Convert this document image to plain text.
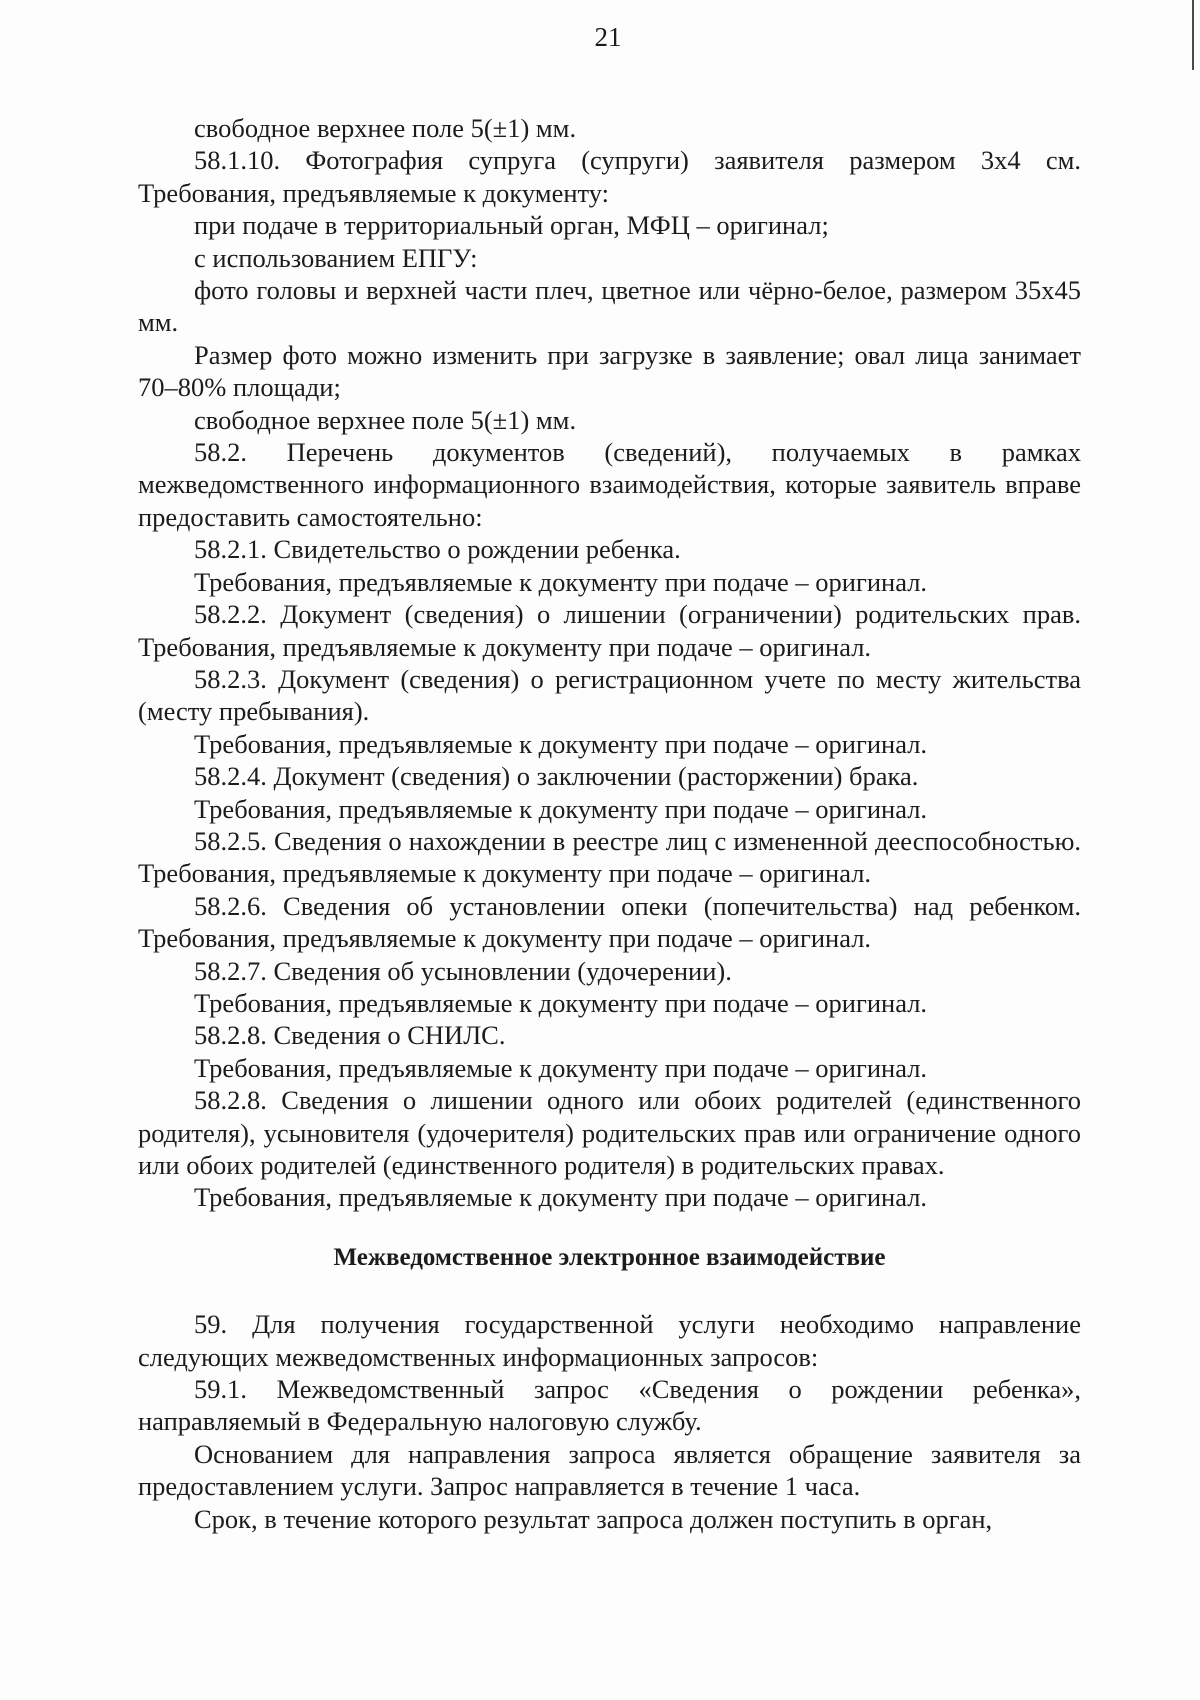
21

свободное верхнее поле 5(±1) мм.

58.1.10. Фотография супруга (супруги) заявителя размером 3х4 см. Требования, предъявляемые к документу:

при подаче в территориальный орган, МФЦ – оригинал;

с использованием ЕПГУ:

фото головы и верхней части плеч, цветное или чёрно-белое, размером 35х45 мм.

Размер фото можно изменить при загрузке в заявление; овал лица занимает 70–80% площади;

свободное верхнее поле 5(±1) мм.

58.2. Перечень документов (сведений), получаемых в рамках межведомственного информационного взаимодействия, которые заявитель вправе предоставить самостоятельно:

58.2.1. Свидетельство о рождении ребенка.

Требования, предъявляемые к документу при подаче – оригинал.

58.2.2. Документ (сведения) о лишении (ограничении) родительских прав. Требования, предъявляемые к документу при подаче – оригинал.

58.2.3. Документ (сведения) о регистрационном учете по месту жительства (месту пребывания).

Требования, предъявляемые к документу при подаче – оригинал.

58.2.4. Документ (сведения) о заключении (расторжении) брака.

Требования, предъявляемые к документу при подаче – оригинал.

58.2.5. Сведения о нахождении в реестре лиц с измененной дееспособностью. Требования, предъявляемые к документу при подаче – оригинал.

58.2.6. Сведения об установлении опеки (попечительства) над ребенком. Требования, предъявляемые к документу при подаче – оригинал.

58.2.7. Сведения об усыновлении (удочерении).

Требования, предъявляемые к документу при подаче – оригинал.

58.2.8. Сведения о СНИЛС.

Требования, предъявляемые к документу при подаче – оригинал.

58.2.8. Сведения о лишении одного или обоих родителей (единственного родителя), усыновителя (удочерителя) родительских прав или ограничение одного или обоих родителей (единственного родителя) в родительских правах.

Требования, предъявляемые к документу при подаче – оригинал.

Межведомственное электронное взаимодействие

59. Для получения государственной услуги необходимо направление следующих межведомственных информационных запросов:

59.1. Межведомственный запрос «Сведения о рождении ребенка», направляемый в Федеральную налоговую службу.

Основанием для направления запроса является обращение заявителя за предоставлением услуги. Запрос направляется в течение 1 часа.

Срок, в течение которого результат запроса должен поступить в орган,
